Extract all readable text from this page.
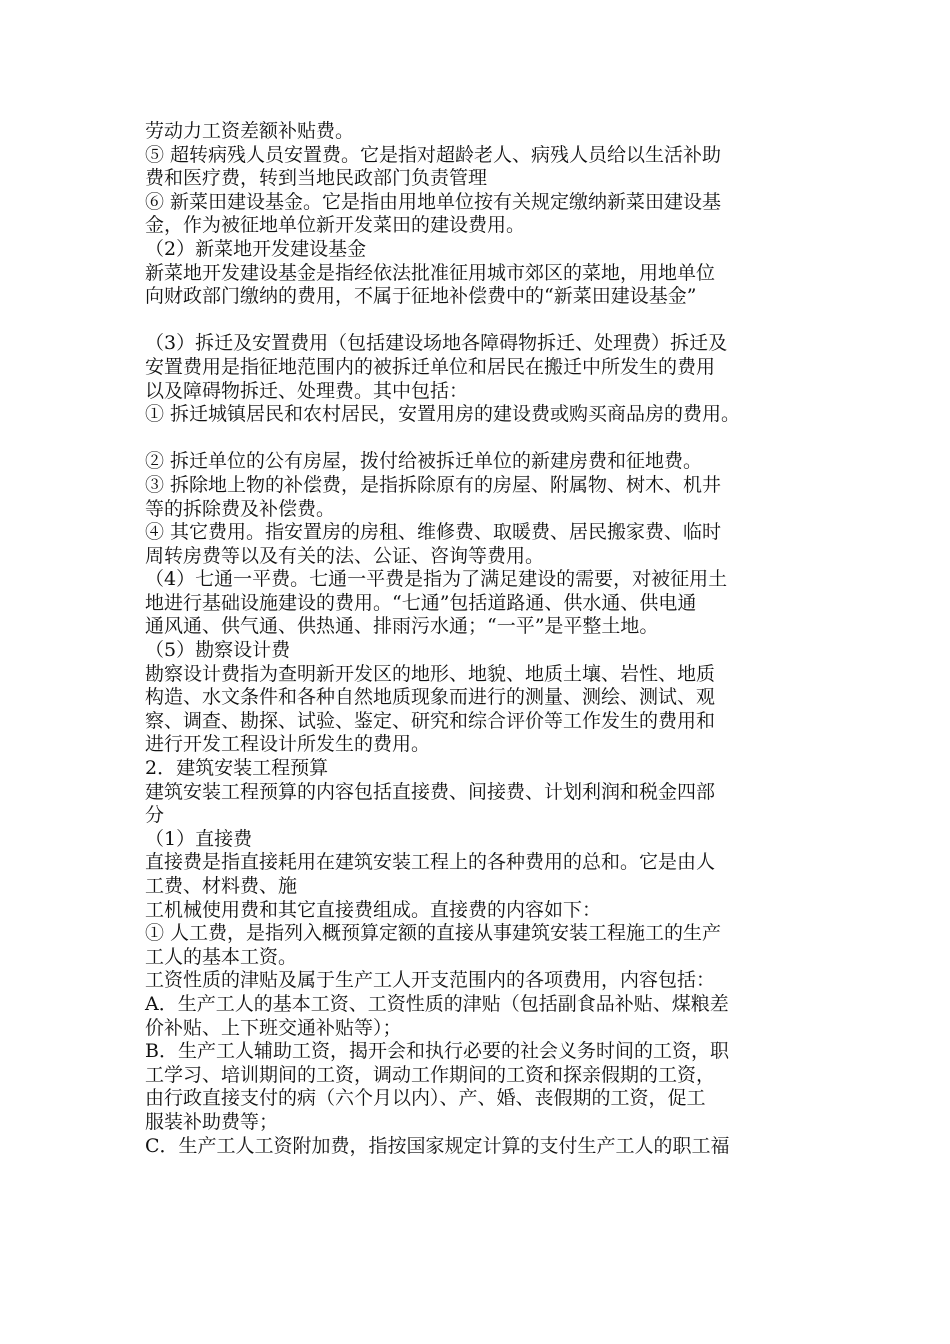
劳动力工资差额补贴费。
⑤ 超转病残人员安置费。它是指对超龄老人、病残人员给以生活补助
费和医疗费，转到当地民政部门负责管理
⑥ 新菜田建设基金。它是指由用地单位按有关规定缴纳新菜田建设基
金，作为被征地单位新开发菜田的建设费用。
（2）新菜地开发建设基金
新菜地开发建设基金是指经依法批准征用城市郊区的菜地，用地单位
向财政部门缴纳的费用，不属于征地补偿费中的“新菜田建设基金”
（3）拆迁及安置费用（包括建设场地各障碍物拆迁、处理费）拆迁及
安置费用是指征地范围内的被拆迁单位和居民在搬迁中所发生的费用
以及障碍物拆迁、处理费。其中包括：
① 拆迁城镇居民和农村居民，安置用房的建设费或购买商品房的费用。
② 拆迁单位的公有房屋，拨付给被拆迁单位的新建房费和征地费。
③ 拆除地上物的补偿费，是指拆除原有的房屋、附属物、树木、机井
等的拆除费及补偿费。
④ 其它费用。指安置房的房租、维修费、取暖费、居民搬家费、临时
周转房费等以及有关的法、公证、咨询等费用。
（4）七通一平费。七通一平费是指为了满足建设的需要，对被征用土
地进行基础设施建设的费用。“七通”包括道路通、供水通、供电通
通风通、供气通、供热通、排雨污水通；“一平”是平整土地。
（5）勘察设计费
勘察设计费指为查明新开发区的地形、地貌、地质土壤、岩性、地质
构造、水文条件和各种自然地质现象而进行的测量、测绘、测试、观
察、调查、勘探、试验、鉴定、研究和综合评价等工作发生的费用和
进行开发工程设计所发生的费用。
2．建筑安装工程预算
建筑安装工程预算的内容包括直接费、间接费、计划利润和税金四部
分
（1）直接费
直接费是指直接耗用在建筑安装工程上的各种费用的总和。它是由人
工费、材料费、施
工机械使用费和其它直接费组成。直接费的内容如下：
① 人工费，是指列入概预算定额的直接从事建筑安装工程施工的生产
工人的基本工资。
工资性质的津贴及属于生产工人开支范围内的各项费用，内容包括：
A．生产工人的基本工资、工资性质的津贴（包括副食品补贴、煤粮差
价补贴、上下班交通补贴等）；
B．生产工人辅助工资，揭开会和执行必要的社会义务时间的工资，职
工学习、培训期间的工资，调动工作期间的工资和探亲假期的工资，
由行政直接支付的病（六个月以内）、产、婚、丧假期的工资，促工
服装补助费等；
C．生产工人工资附加费，指按国家规定计算的支付生产工人的职工福
